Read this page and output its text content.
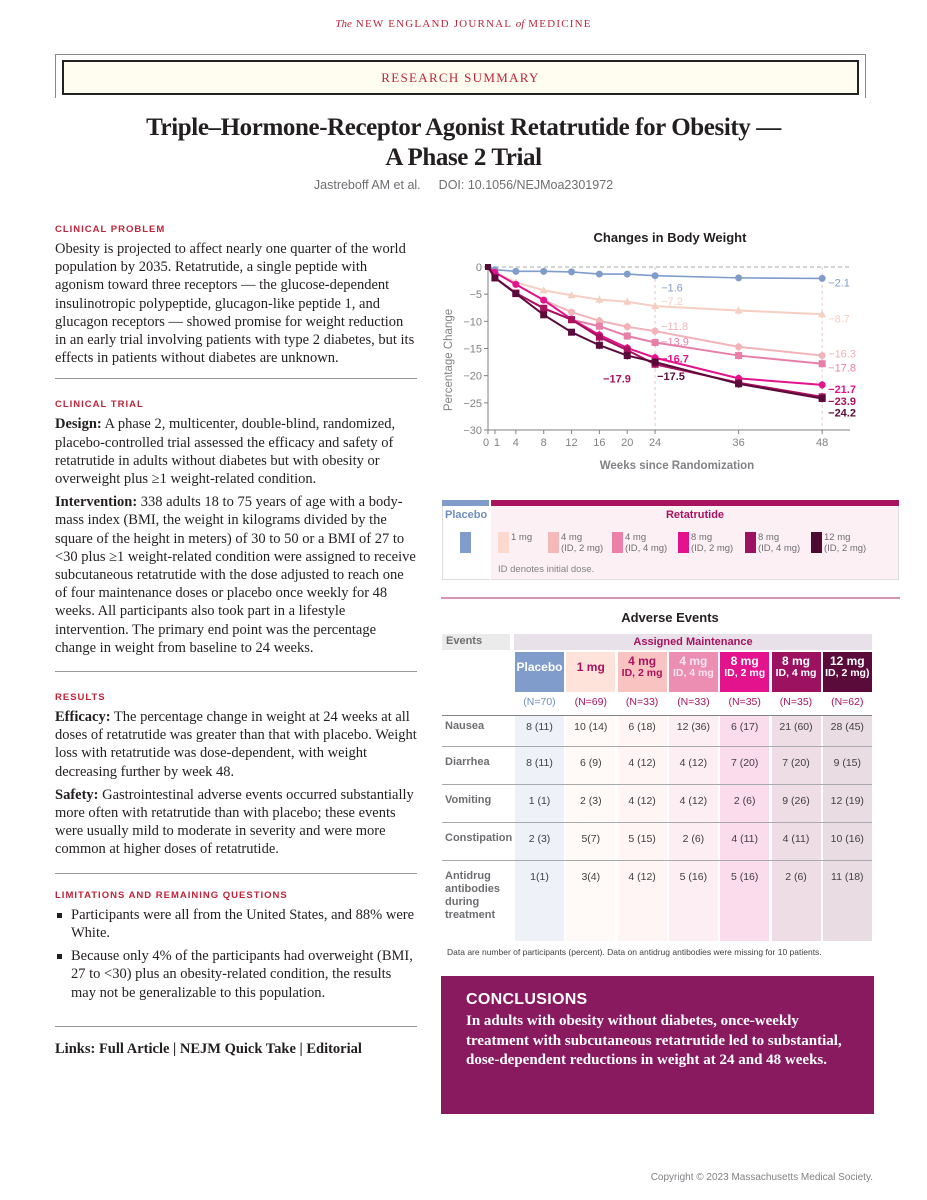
The NEW ENGLAND JOURNAL of MEDICINE
RESEARCH SUMMARY
Triple–Hormone-Receptor Agonist Retatrutide for Obesity —
A Phase 2 Trial
Jastreboff AM et al. DOI: 10.1056/NEJMoa2301972
CLINICAL PROBLEM

Obesity is projected to affect nearly one quarter of the world population by 2035. Retatrutide, a single peptide with agonism toward three receptors — the glucose-dependent insulinotropic polypeptide, glucagon-like peptide 1, and glucagon receptors — showed promise for weight reduction in an early trial involving patients with type 2 diabetes, but its effects in patients without diabetes are unknown.

CLINICAL TRIAL

Design: A phase 2, multicenter, double-blind, randomized, placebo-controlled trial assessed the efficacy and safety of retatrutide in adults without diabetes but with obesity or overweight plus ≥1 weight-related condition.

Intervention: 338 adults 18 to 75 years of age with a body-mass index (BMI, the weight in kilograms divided by the square of the height in meters) of 30 to 50 or a BMI of 27 to <30 plus ≥1 weight-related condition were assigned to receive subcutaneous retatrutide with the dose adjusted to reach one of four maintenance doses or placebo once weekly for 48 weeks. All participants also took part in a lifestyle intervention. The primary end point was the percentage change in weight from baseline to 24 weeks.

RESULTS

Efficacy: The percentage change in weight at 24 weeks at all doses of retatrutide was greater than that with placebo. Weight loss with retatrutide was dose-dependent, with weight decreasing further by week 48.

Safety: Gastrointestinal adverse events occurred substantially more often with retatrutide than with placebo; these events were usually mild to moderate in severity and were more common at higher doses of retatrutide.

LIMITATIONS AND REMAINING QUESTIONS
Participants were all from the United States, and 88% were White.
Because only 4% of the participants had overweight (BMI, 27 to <30) plus an obesity-related condition, the results may not be generalizable to this population.
Links: Full Article | NEJM Quick Take | Editorial
Changes in Body Weight
0
−5
−10
−15
−20
−25
−30
0 1 4 8 12 16 20 24	36	48
−1.6	−2.1
−7.2
−8.7
−11.8
−16.3
−13.9
−17.8
−16.7
−21.7
−17.9
−23.9
−17.5
−24.2
Percentage Change
Weeks since Randomization
Placebo	Retatrutide
1 mg	4 mg
(ID, 2 mg)
4 mg
(ID, 4 mg)
8 mg
(ID, 2 mg)
8 mg
(ID, 4 mg)
12 mg
(ID, 2 mg)
ID denotes initial dose.
Adverse Events
Events	Assigned Maintenance
Placebo
(N=70)
1 mg
(N=69)
4 mg
ID, 2 mg
(N=33)
4 mg
ID, 4 mg
(N=33)
8 mg
ID, 2 mg
(N=35)
8 mg
ID, 4 mg
(N=35)
12 mg
ID, 2 mg)
(N=62)
Nausea	8 (11)	10 (14)	6 (18)	12 (36)	6 (17)	21 (60)	28 (45)
Diarrhea	8 (11)	6 (9)	4 (12)	4 (12)	7 (20)	7 (20)	9 (15)
Vomiting	1 (1)	2 (3)	4 (12)	4 (12)	2 (6)	9 (26)	12 (19)
Constipation	2 (3)	5(7)	5 (15)	2 (6)	4 (11)	4 (11)	10 (16)
Antidrug antibodies during treatment
1(1)	3(4)	4 (12)	5 (16)	5 (16)	2 (6)	11 (18)
Data are number of participants (percent). Data on antidrug antibodies were missing for 10 patients.
CONCLUSIONS

In adults with obesity without diabetes, once-weekly treatment with subcutaneous retatrutide led to substantial, dose-dependent reductions in weight at 24 and 48 weeks.

Copyright © 2023 Massachusetts Medical Society.
